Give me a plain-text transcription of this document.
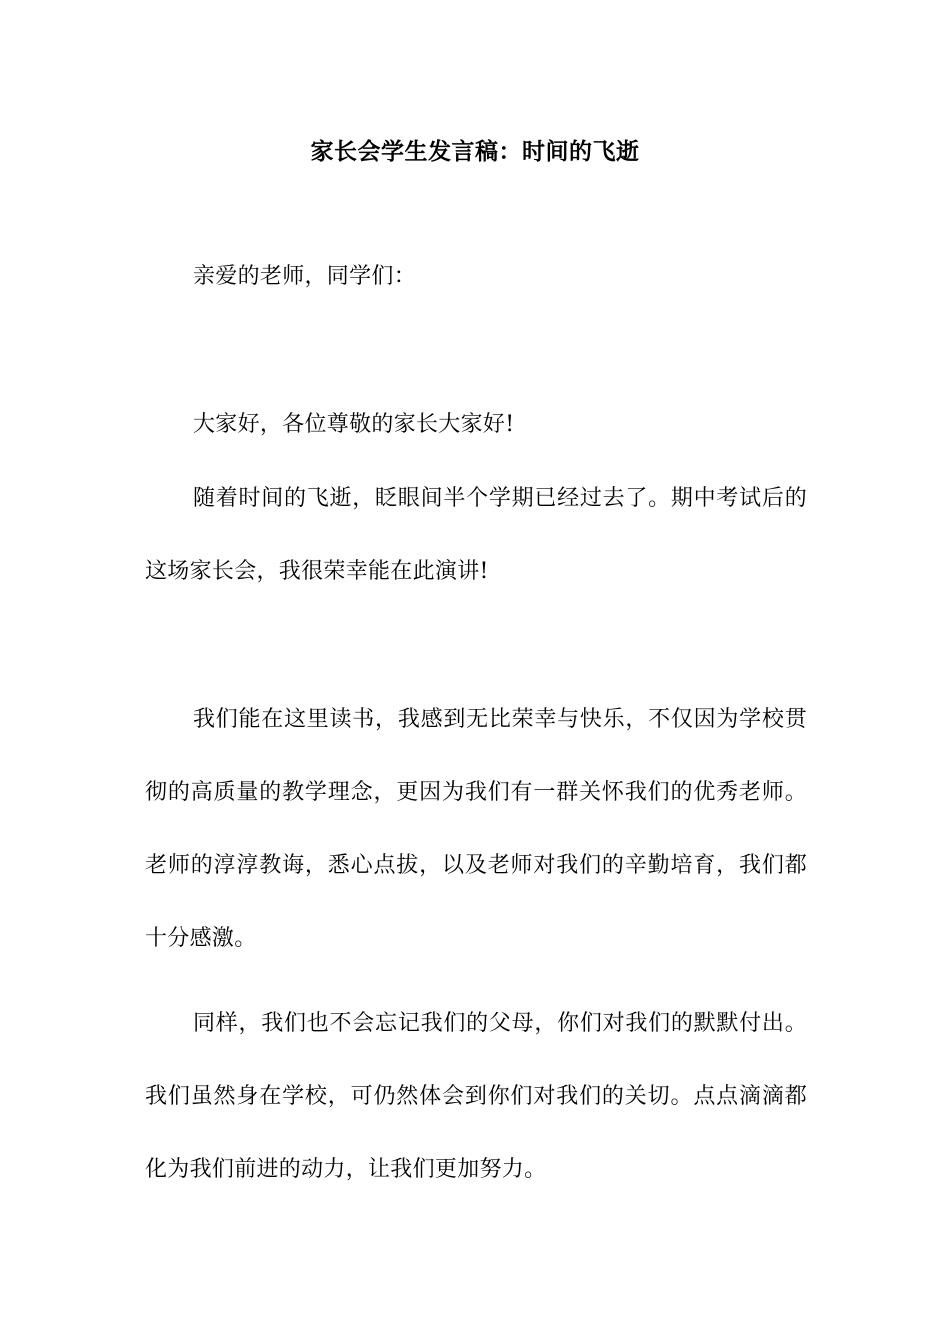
家长会学生发言稿：时间的飞逝

亲爱的老师，同学们：

大家好，各位尊敬的家长大家好!

随着时间的飞逝，眨眼间半个学期已经过去了。期中考试后的这场家长会，我很荣幸能在此演讲!

我们能在这里读书，我感到无比荣幸与快乐，不仅因为学校贯彻的高质量的教学理念，更因为我们有一群关怀我们的优秀老师。老师的淳淳教诲，悉心点拔，以及老师对我们的辛勤培育，我们都十分感激。

同样，我们也不会忘记我们的父母，你们对我们的默默付出。我们虽然身在学校，可仍然体会到你们对我们的关切。点点滴滴都化为我们前进的动力，让我们更加努力。
